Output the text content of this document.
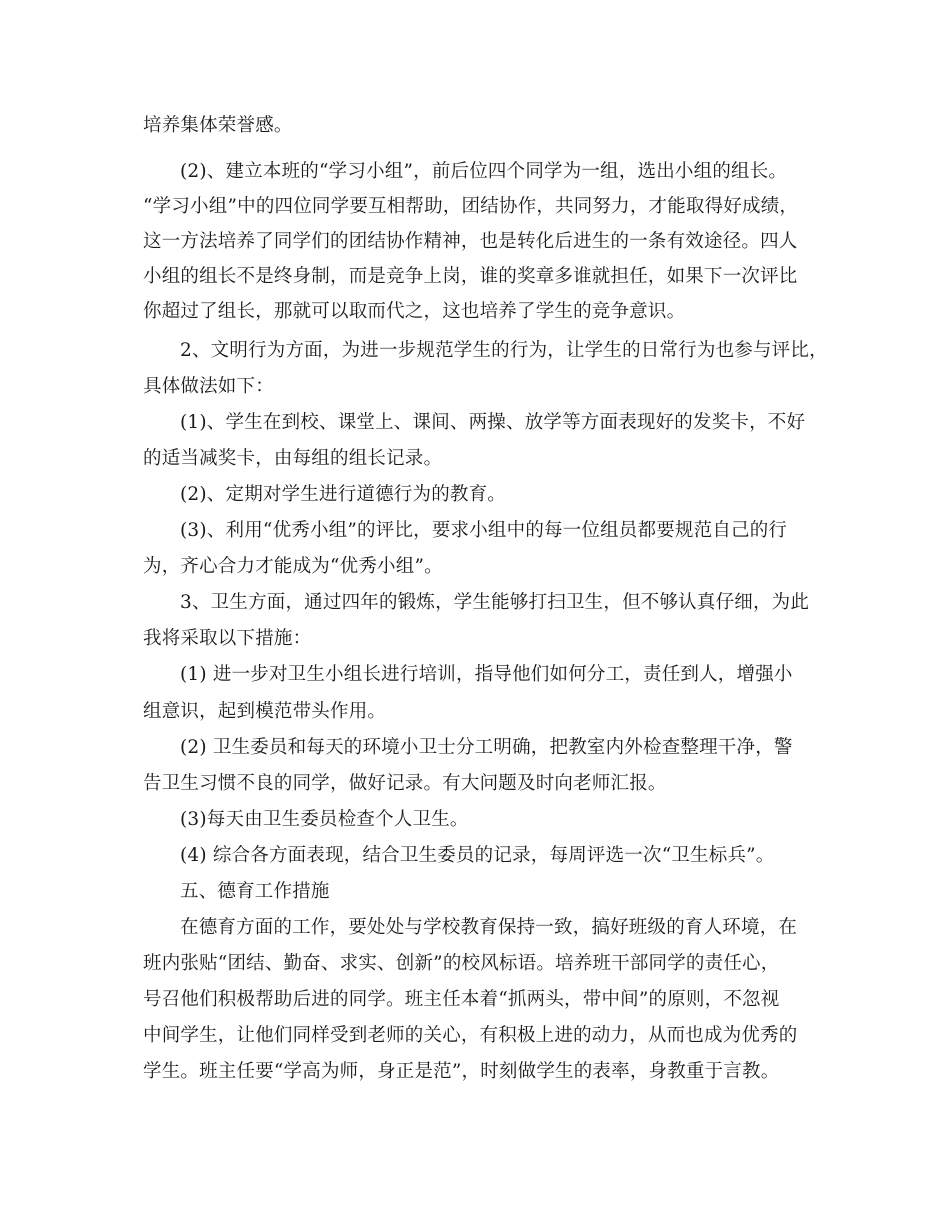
培养集体荣誉感。
(2)、建立本班的“学习小组”，前后位四个同学为一组，选出小组的组长。
“学习小组”中的四位同学要互相帮助，团结协作，共同努力，才能取得好成绩，
这一方法培养了同学们的团结协作精神，也是转化后进生的一条有效途径。四人
小组的组长不是终身制，而是竞争上岗，谁的奖章多谁就担任，如果下一次评比
你超过了组长，那就可以取而代之，这也培养了学生的竞争意识。
2、文明行为方面，为进一步规范学生的行为，让学生的日常行为也参与评比，
具体做法如下：
(1)、学生在到校、课堂上、课间、两操、放学等方面表现好的发奖卡，不好
的适当减奖卡，由每组的组长记录。
(2)、定期对学生进行道德行为的教育。
(3)、利用“优秀小组”的评比，要求小组中的每一位组员都要规范自己的行
为，齐心合力才能成为“优秀小组”。
3、卫生方面，通过四年的锻炼，学生能够打扫卫生，但不够认真仔细，为此
我将采取以下措施：
(1) 进一步对卫生小组长进行培训，指导他们如何分工，责任到人，增强小
组意识，起到模范带头作用。
(2) 卫生委员和每天的环境小卫士分工明确，把教室内外检查整理干净，警
告卫生习惯不良的同学，做好记录。有大问题及时向老师汇报。
(3)每天由卫生委员检查个人卫生。
(4) 综合各方面表现，结合卫生委员的记录，每周评选一次“卫生标兵”。
五、德育工作措施
在德育方面的工作，要处处与学校教育保持一致，搞好班级的育人环境，在
班内张贴“团结、勤奋、求实、创新”的校风标语。培养班干部同学的责任心，
号召他们积极帮助后进的同学。班主任本着“抓两头，带中间”的原则，不忽视
中间学生，让他们同样受到老师的关心，有积极上进的动力，从而也成为优秀的
学生。班主任要“学高为师，身正是范”，时刻做学生的表率，身教重于言教。
